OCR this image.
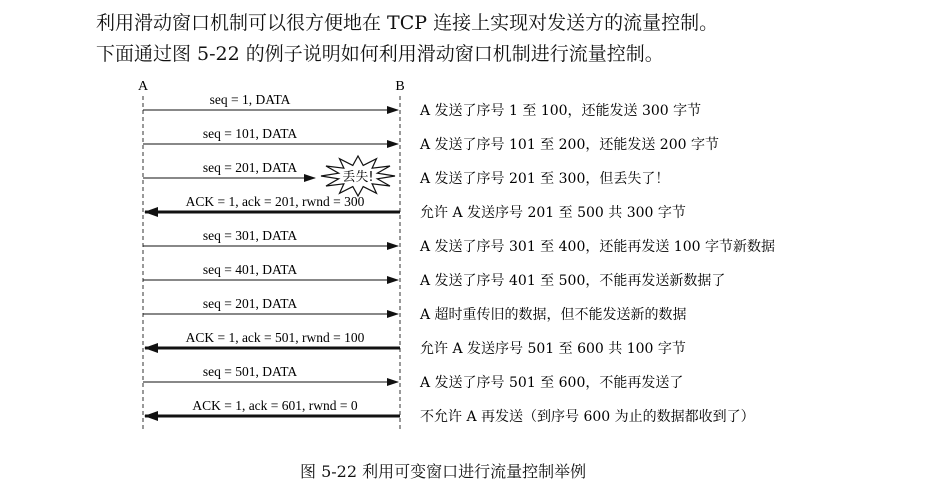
利用滑动窗口机制可以很方便地在 TCP 连接上实现对发送方的流量控制。
下面通过图 5-22 的例子说明如何利用滑动窗口机制进行流量控制。
A	B
seq = 1, DATA
A 发送了序号 1 至 100，还能发送 300 字节
seq = 101, DATA
A 发送了序号 101 至 200，还能发送 200 字节
seq = 201, DATA
丢失!	A 发送了序号 201 至 300，但丢失了！
ACK = 1, ack = 201, rwnd = 300
允许 A 发送序号 201 至 500 共 300 字节
seq = 301, DATA
A 发送了序号 301 至 400，还能再发送 100 字节新数据
seq = 401, DATA
A 发送了序号 401 至 500，不能再发送新数据了
seq = 201, DATA
A 超时重传旧的数据，但不能发送新的数据
ACK = 1, ack = 501, rwnd = 100
允许 A 发送序号 501 至 600 共 100 字节
seq = 501, DATA
A 发送了序号 501 至 600，不能再发送了
ACK = 1, ack = 601, rwnd = 0
不允许 A 再发送（到序号 600 为止的数据都收到了）
图 5-22 利用可变窗口进行流量控制举例
